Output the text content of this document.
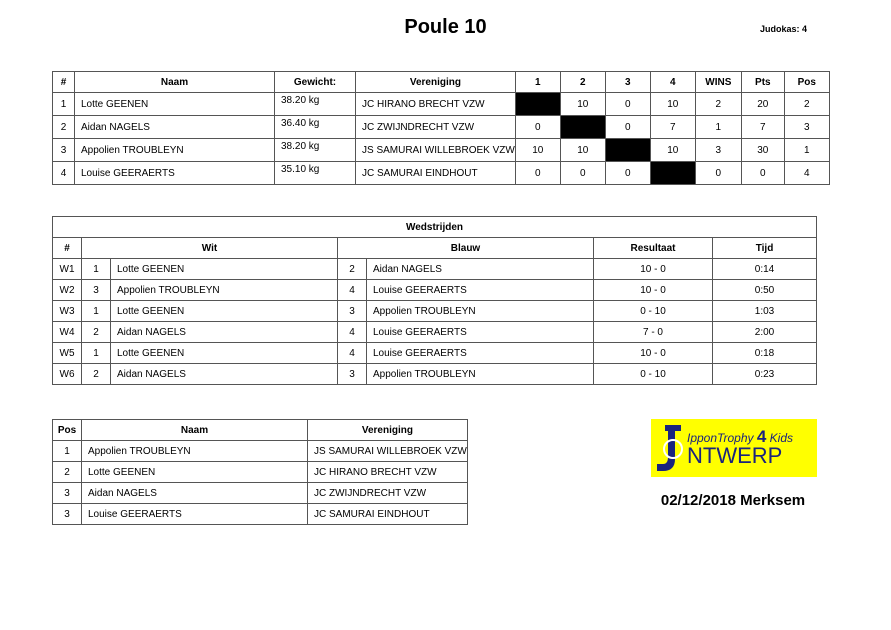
Poule 10	Judokas: 4
#	Naam	Gewicht:	Vereniging	1	2	3	4	WINS	Pts	Pos
1	Lotte GEENEN	38.20 kg	JC HIRANO BRECHT VZW		10	0	10	2	20	2
2	Aidan NAGELS	36.40 kg	JC ZWIJNDRECHT VZW	0		0	7	1	7	3
3	Appolien TROUBLEYN	38.20 kg	JS SAMURAI WILLEBROEK VZW	10	10		10	3	30	1
4	Louise GEERAERTS	35.10 kg	JC SAMURAI EINDHOUT	0	0	0		0	0	4
Wedstrijden						
#	Wit		Blauw		Resultaat	Tijd
W1	1	Lotte GEENEN	2	Aidan NAGELS	10 - 0	0:14
W2	3	Appolien TROUBLEYN	4	Louise GEERAERTS	10 - 0	0:50
W3	1	Lotte GEENEN	3	Appolien TROUBLEYN	0 - 10	1:03
W4	2	Aidan NAGELS	4	Louise GEERAERTS	7 - 0	2:00
W5	1	Lotte GEENEN	4	Louise GEERAERTS	10 - 0	0:18
W6	2	Aidan NAGELS	3	Appolien TROUBLEYN	0 - 10	0:23
Pos	Naam	Vereniging
1	Appolien TROUBLEYN	JS SAMURAI WILLEBROEK VZW
2	Lotte GEENEN	JC HIRANO BRECHT VZW
3	Aidan NAGELS	JC ZWIJNDRECHT VZW
3	Louise GEERAERTS	JC SAMURAI EINDHOUT
IpponTrophy 4 Kids
NTWERP
02/12/2018 Merksem
